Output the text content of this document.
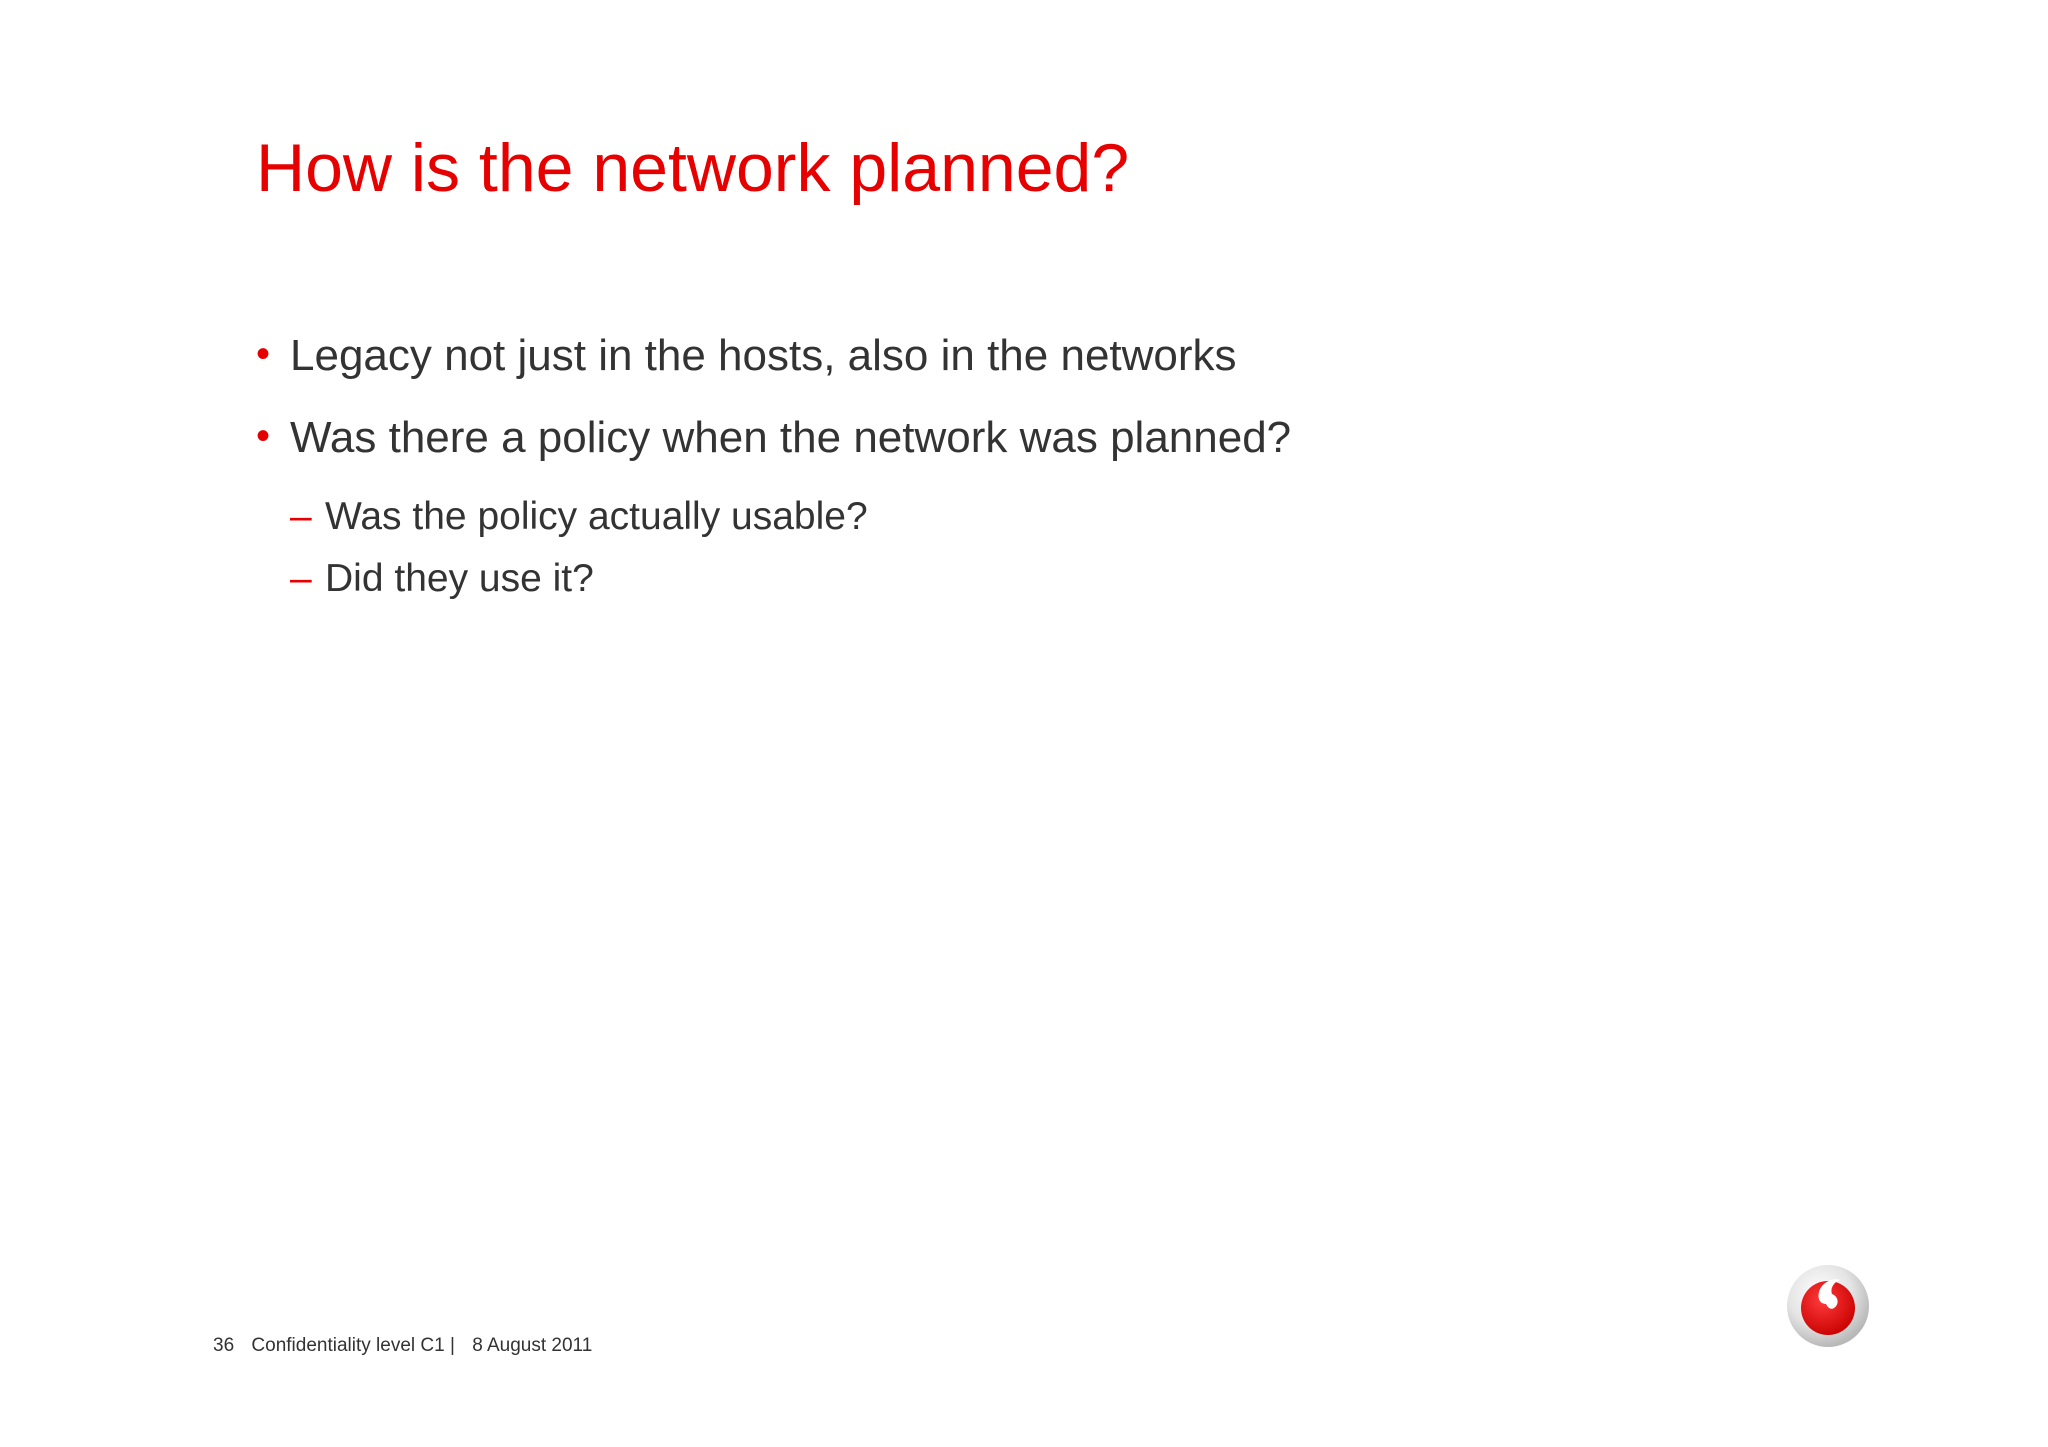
How is the network planned?
• Legacy not just in the hosts, also in the networks
• Was there a policy when the network was planned?
– Was the policy actually usable?
– Did they use it?
36 Confidentiality level C1 | 8 August 2011
